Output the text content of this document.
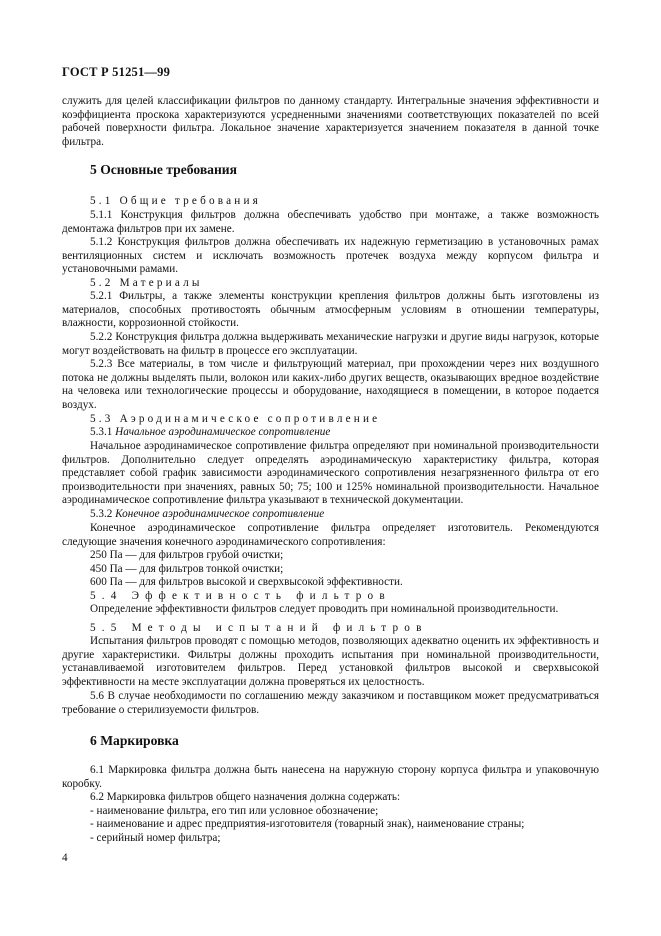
ГОСТ Р 51251—99

служить для целей классификации фильтров по данному стандарту. Интегральные значения эффективности и коэффициента проскока характеризуются усредненными значениями соответствующих показателей по всей рабочей поверхности фильтра. Локальное значение характеризуется значением показателя в данной точке фильтра.

5 Основные требования
5.1 Общие требования

5.1.1 Конструкция фильтров должна обеспечивать удобство при монтаже, а также возможность демонтажа фильтров при их замене.

5.1.2 Конструкция фильтров должна обеспечивать их надежную герметизацию в установочных рамах вентиляционных систем и исключать возможность протечек воздуха между корпусом фильтра и установочными рамами.

5.2 Материалы

5.2.1 Фильтры, а также элементы конструкции крепления фильтров должны быть изготовлены из материалов, способных противостоять обычным атмосферным условиям в отношении температуры, влажности, коррозионной стойкости.

5.2.2 Конструкция фильтра должна выдерживать механические нагрузки и другие виды нагрузок, которые могут воздействовать на фильтр в процессе его эксплуатации.

5.2.3 Все материалы, в том числе и фильтрующий материал, при прохождении через них воздушного потока не должны выделять пыли, волокон или каких-либо других веществ, оказывающих вредное воздействие на человека или технологические процессы и оборудование, находящиеся в помещении, в которое подается воздух.

5.3 Аэродинамическое сопротивление
5.3.1 Начальное аэродинамическое сопротивление

Начальное аэродинамическое сопротивление фильтра определяют при номинальной производительности фильтров. Дополнительно следует определять аэродинамическую характеристику фильтра, которая представляет собой график зависимости аэродинамического сопротивления незагрязненного фильтра от его производительности при значениях, равных 50; 75; 100 и 125% номинальной производительности. Начальное аэродинамическое сопротивление фильтра указывают в технической документации.

5.3.2 Конечное аэродинамическое сопротивление

Конечное аэродинамическое сопротивление фильтра определяет изготовитель. Рекомендуются следующие значения конечного аэродинамического сопротивления:

250 Па — для фильтров грубой очистки;
450 Па — для фильтров тонкой очистки;
600 Па — для фильтров высокой и сверхвысокой эффективности.
5.4 Эффективность фильтров

Определение эффективности фильтров следует проводить при номинальной производительности.

5.5 Методы испытаний фильтров

Испытания фильтров проводят с помощью методов, позволяющих адекватно оценить их эффективность и другие характеристики. Фильтры должны проходить испытания при номинальной производительности, устанавливаемой изготовителем фильтров. Перед установкой фильтров высокой и сверхвысокой эффективности на месте эксплуатации должна проверяться их целостность.

5.6 В случае необходимости по соглашению между заказчиком и поставщиком может предусматриваться требование о стерилизуемости фильтров.

6 Маркировка

6.1 Маркировка фильтра должна быть нанесена на наружную сторону корпуса фильтра и упаковочную коробку.

6.2 Маркировка фильтров общего назначения должна содержать:
- наименование фильтра, его тип или условное обозначение;
- наименование и адрес предприятия-изготовителя (товарный знак), наименование страны;
- серийный номер фильтра;
4
